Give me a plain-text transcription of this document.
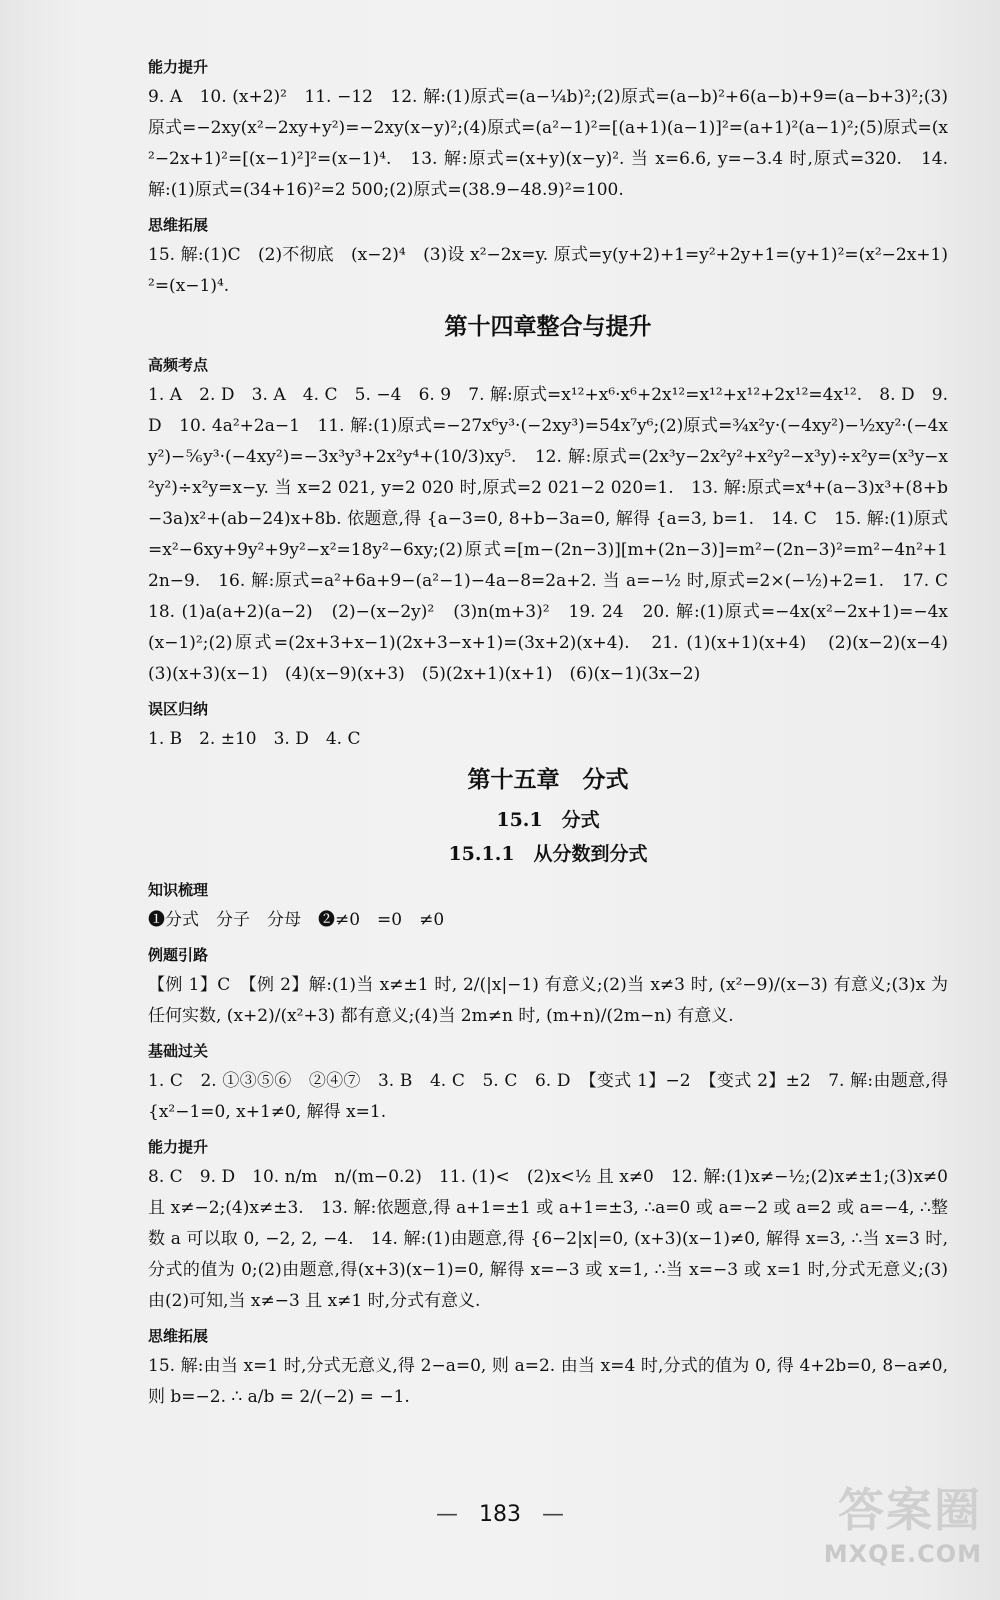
能力提升

9. A　10. (x+2)²　11. −12　12. 解:(1)原式=(a−¼b)²;(2)原式=(a−b)²+6(a−b)+9=(a−b+3)²;(3)原式=−2xy(x²−2xy+y²)=−2xy(x−y)²;(4)原式=(a²−1)²=[(a+1)(a−1)]²=(a+1)²(a−1)²;(5)原式=(x²−2x+1)²=[(x−1)²]²=(x−1)⁴.　13. 解:原式=(x+y)(x−y)². 当 x=6.6, y=−3.4 时,原式=320.　14. 解:(1)原式=(34+16)²=2 500;(2)原式=(38.9−48.9)²=100.

思维拓展

15. 解:(1)C　(2)不彻底　(x−2)⁴　(3)设 x²−2x=y. 原式=y(y+2)+1=y²+2y+1=(y+1)²=(x²−2x+1)²=(x−1)⁴.

第十四章整合与提升
高频考点

1. A　2. D　3. A　4. C　5. −4　6. 9　7. 解:原式=x¹²+x⁶·x⁶+2x¹²=x¹²+x¹²+2x¹²=4x¹².　8. D　9. D　10. 4a²+2a−1　11. 解:(1)原式=−27x⁶y³·(−2xy³)=54x⁷y⁶;(2)原式=¾x²y·(−4xy²)−½xy²·(−4xy²)−⅚y³·(−4xy²)=−3x³y³+2x²y⁴+(10/3)xy⁵.　12. 解:原式=(2x³y−2x²y²+x²y²−x³y)÷x²y=(x³y−x²y²)÷x²y=x−y. 当 x=2 021, y=2 020 时,原式=2 021−2 020=1.　13. 解:原式=x⁴+(a−3)x³+(8+b−3a)x²+(ab−24)x+8b. 依题意,得 {a−3=0, 8+b−3a=0, 解得 {a=3, b=1.　14. C　15. 解:(1)原式=x²−6xy+9y²+9y²−x²=18y²−6xy;(2)原式=[m−(2n−3)][m+(2n−3)]=m²−(2n−3)²=m²−4n²+12n−9.　16. 解:原式=a²+6a+9−(a²−1)−4a−8=2a+2. 当 a=−½ 时,原式=2×(−½)+2=1.　17. C　18. (1)a(a+2)(a−2)　(2)−(x−2y)²　(3)n(m+3)²　19. 24　20. 解:(1)原式=−4x(x²−2x+1)=−4x(x−1)²;(2)原式=(2x+3+x−1)(2x+3−x+1)=(3x+2)(x+4).　21. (1)(x+1)(x+4)　(2)(x−2)(x−4)　(3)(x+3)(x−1)　(4)(x−9)(x+3)　(5)(2x+1)(x+1)　(6)(x−1)(3x−2)

误区归纳

1. B　2. ±10　3. D　4. C

第十五章　分式
15.1　分式
15.1.1　从分数到分式
知识梳理

❶分式　分子　分母　❷≠0　=0　≠0

例题引路

【例 1】C　【例 2】解:(1)当 x≠±1 时, 2/(|x|−1) 有意义;(2)当 x≠3 时, (x²−9)/(x−3) 有意义;(3)x 为任何实数, (x+2)/(x²+3) 都有意义;(4)当 2m≠n 时, (m+n)/(2m−n) 有意义.

基础过关

1. C　2. ①③⑤⑥　②④⑦　3. B　4. C　5. C　6. D　【变式 1】−2　【变式 2】±2　7. 解:由题意,得 {x²−1=0, x+1≠0, 解得 x=1.

能力提升

8. C　9. D　10. n/m　n/(m−0.2)　11. (1)<　(2)x<½ 且 x≠0　12. 解:(1)x≠−½;(2)x≠±1;(3)x≠0 且 x≠−2;(4)x≠±3.　13. 解:依题意,得 a+1=±1 或 a+1=±3, ∴a=0 或 a=−2 或 a=2 或 a=−4, ∴整数 a 可以取 0, −2, 2, −4.　14. 解:(1)由题意,得 {6−2|x|=0, (x+3)(x−1)≠0, 解得 x=3, ∴当 x=3 时,分式的值为 0;(2)由题意,得(x+3)(x−1)=0, 解得 x=−3 或 x=1, ∴当 x=−3 或 x=1 时,分式无意义;(3)由(2)可知,当 x≠−3 且 x≠1 时,分式有意义.

思维拓展

15. 解:由当 x=1 时,分式无意义,得 2−a=0, 则 a=2. 由当 x=4 时,分式的值为 0, 得 4+2b=0, 8−a≠0, 则 b=−2. ∴ a/b = 2/(−2) = −1.

— 183 —	答案圈
MXQE.COM
